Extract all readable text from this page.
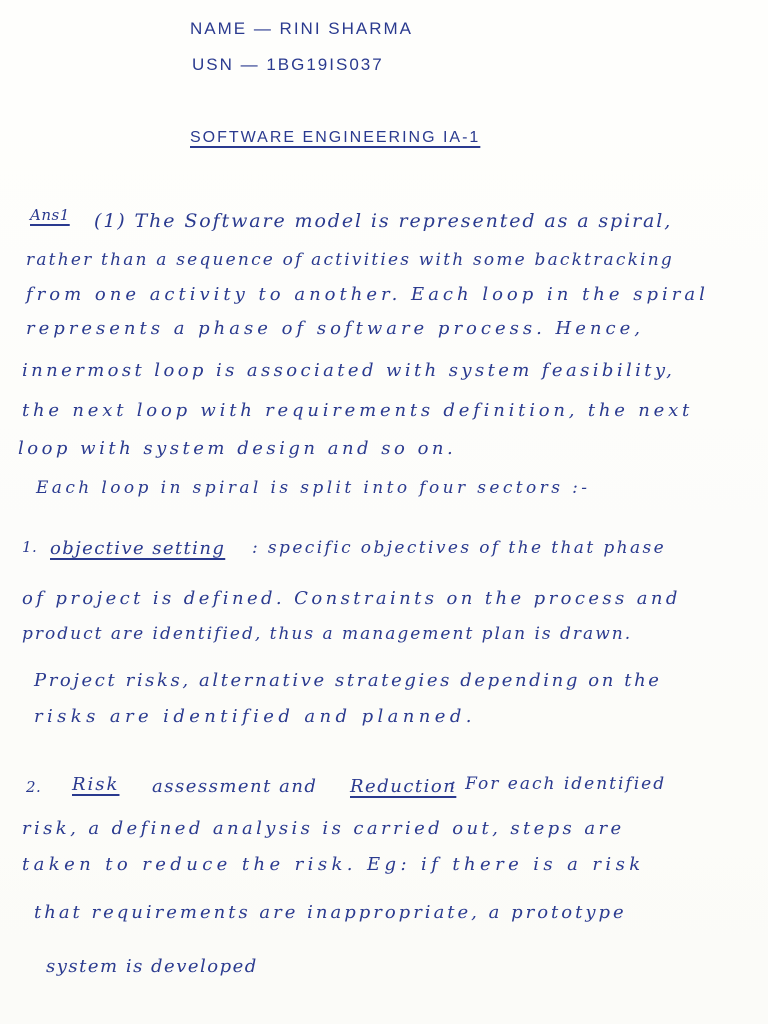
NAME — RINI SHARMA
USN — 1BG19IS037
SOFTWARE ENGINEERING IA-1
Ans1 (1) The Software model is represented as a spiral,
rather than a sequence of activities with some backtracking
from one activity to another. Each loop in the spiral
represents a phase of software process. Hence,
innermost loop is associated with system feasibility,
the next loop with requirements definition, the next
loop with system design and so on.
Each loop in spiral is split into four sectors :-
1. objective setting : specific objectives of the that phase
of project is defined. Constraints on the process and
product are identified, thus a management plan is drawn.
Project risks, alternative strategies depending on the
risks are identified and planned.
2. Risk assessment and Reduction
: For each identified
risk, a defined analysis is carried out, steps are
taken to reduce the risk. Eg: if there is a risk
that requirements are inappropriate, a prototype
system is developed
